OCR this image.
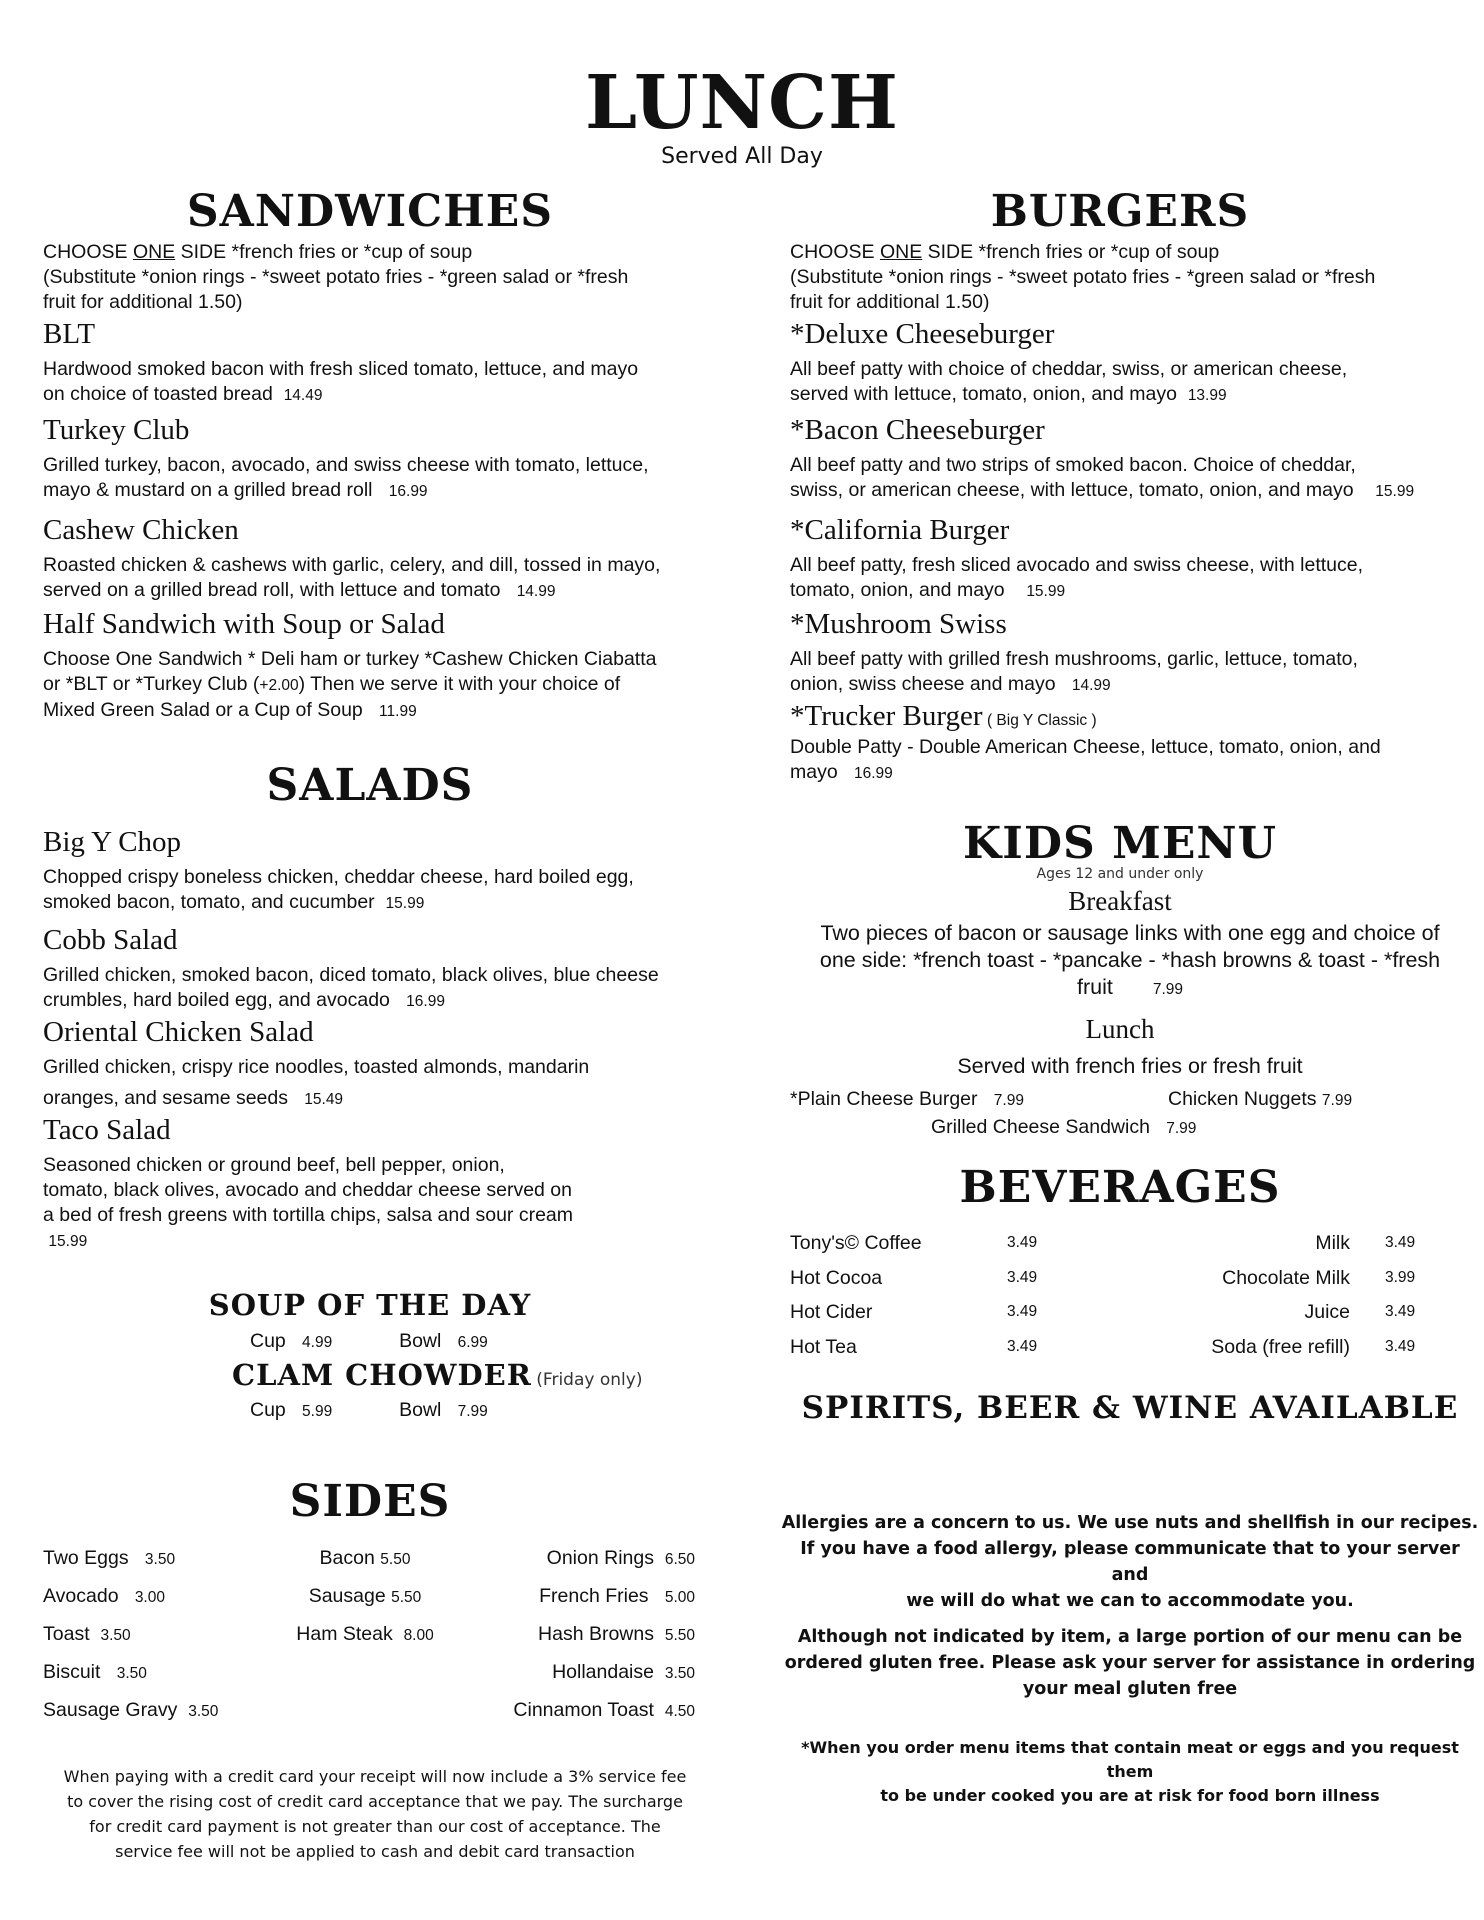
LUNCH
Served All Day
SANDWICHES
CHOOSE ONE SIDE *french fries or *cup of soup
(Substitute *onion rings - *sweet potato fries - *green salad or *fresh
fruit for additional 1.50)
BLT
Hardwood smoked bacon with fresh sliced tomato, lettuce, and mayo
on choice of toasted bread 14.49
Turkey Club
Grilled turkey, bacon, avocado, and swiss cheese with tomato, lettuce,
mayo & mustard on a grilled bread roll 16.99
Cashew Chicken
Roasted chicken & cashews with garlic, celery, and dill, tossed in mayo,
served on a grilled bread roll, with lettuce and tomato 14.99
Half Sandwich with Soup or Salad
Choose One Sandwich * Deli ham or turkey *Cashew Chicken Ciabatta
or *BLT or *Turkey Club (+2.00) Then we serve it with your choice of
Mixed Green Salad or a Cup of Soup 11.99
SALADS
Big Y Chop
Chopped crispy boneless chicken, cheddar cheese, hard boiled egg,
smoked bacon, tomato, and cucumber 15.99
Cobb Salad
Grilled chicken, smoked bacon, diced tomato, black olives, blue cheese
crumbles, hard boiled egg, and avocado 16.99
Oriental Chicken Salad
Grilled chicken, crispy rice noodles, toasted almonds, mandarin
oranges, and sesame seeds 15.49
Taco Salad
Seasoned chicken or ground beef, bell pepper, onion,
tomato, black olives, avocado and cheddar cheese served on
a bed of fresh greens with tortilla chips, salsa and sour cream
15.99
SOUP OF THE DAY
Cup 4.99	Bowl 6.99
CLAM CHOWDER (Friday only)
Cup 5.99	Bowl 7.99
SIDES
Two Eggs 3.50
Avocado 3.00
Toast 3.50
Biscuit 3.50
Sausage Gravy 3.50
Bacon 5.50
Sausage 5.50
Ham Steak 8.00
Onion Rings 6.50
French Fries 5.00
Hash Browns 5.50
Hollandaise 3.50
Cinnamon Toast 4.50
When paying with a credit card your receipt will now include a 3% service fee
to cover the rising cost of credit card acceptance that we pay. The surcharge
for credit card payment is not greater than our cost of acceptance. The
service fee will not be applied to cash and debit card transaction
BURGERS
CHOOSE ONE SIDE *french fries or *cup of soup
(Substitute *onion rings - *sweet potato fries - *green salad or *fresh
fruit for additional 1.50)
*Deluxe Cheeseburger
All beef patty with choice of cheddar, swiss, or american cheese,
served with lettuce, tomato, onion, and mayo 13.99
*Bacon Cheeseburger
All beef patty and two strips of smoked bacon. Choice of cheddar,
swiss, or american cheese, with lettuce, tomato, onion, and mayo 15.99
*California Burger
All beef patty, fresh sliced avocado and swiss cheese, with lettuce,
tomato, onion, and mayo 15.99
*Mushroom Swiss
All beef patty with grilled fresh mushrooms, garlic, lettuce, tomato,
onion, swiss cheese and mayo 14.99
*Trucker Burger ( Big Y Classic )
Double Patty - Double American Cheese, lettuce, tomato, onion, and
mayo 16.99
KIDS MENU
Ages 12 and under only
Breakfast
Two pieces of bacon or sausage links with one egg and choice of
one side: *french toast - *pancake - *hash browns & toast - *fresh
fruit	7.99
Lunch
Served with french fries or fresh fruit
*Plain Cheese Burger 7.99	Chicken Nuggets 7.99
Grilled Cheese Sandwich 7.99
BEVERAGES
Tony's© Coffee	3.49
Hot Cocoa	3.49
Hot Cider	3.49
Hot Tea	3.49
Milk 3.49
Chocolate Milk 3.99
Juice 3.49
Soda (free refill) 3.49
SPIRITS, BEER & WINE AVAILABLE
Allergies are a concern to us. We use nuts and shellfish in our recipes.
If you have a food allergy, please communicate that to your server and
we will do what we can to accommodate you.
Although not indicated by item, a large portion of our menu can be
ordered gluten free. Please ask your server for assistance in ordering
your meal gluten free
*When you order menu items that contain meat or eggs and you request them
to be under cooked you are at risk for food born illness
